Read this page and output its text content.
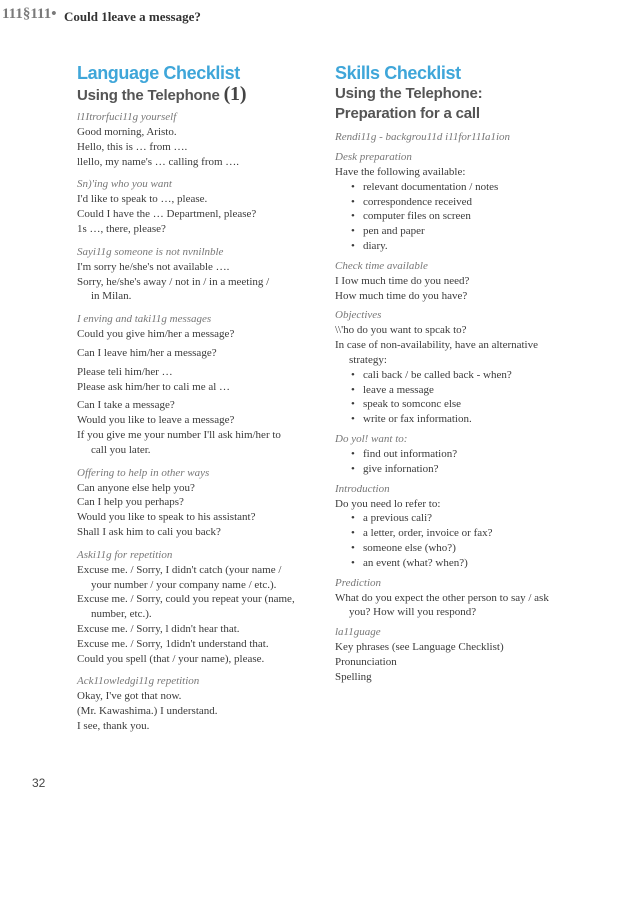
111§111• Could 1leave a message?
Language Checklist
Using the Telephone (1)
l1Itrorfuci11g yourself
Good morning, Aristo.
Hello, this is … from ….
llello, my name's … calling from ….
Sn)'ing who you want
I'd like to speak to …, please.
Could I have the … Departmenl, please?
1s …, there, please?
Sayi11g someone is not nvnilnble
I'm sorry he/she's not available ….
Sorry, he/she's away / not in / in a meeting /
in Milan.
I enving and taki11g messages
Could you give him/her a message?
Can I leave him/her a message?
Please teli him/her …
Please ask him/her to cali me al …
Can I take a message?
Would you like to leave a message?
If you give me your number I'll ask him/her to
call you later.
Offering to help in other ways
Can anyone else help you?
Can I help you perhaps?
Would you like to speak to his assistant?
Shall I ask him to cali you back?
Aski11g for repetition
Excuse me. / Sorry, I didn't catch (your name /
your number / your company name / etc.).
Excuse me. / Sorry, could you repeat your (name,
number, etc.).
Excuse me. / Sorry, l didn't hear that.
Excuse me. / Sorry, 1didn't understand that.
Could you spell (that / your name), please.
Ack11owledgi11g repetition
Okay, I've got that now.
(Mr. Kawashima.) I understand.
I see, thank you.
Skills Checklist
Using the Telephone:
Preparation for a call
Rendi11g - backgrou11d i11for11Ia1ion
Desk preparation
Have the following available:
• relevant documentation / notes
• correspondence received
• computer files on screen
• pen and paper
• diary.
Check time available
I Iow much time do you need?
How much time do you have?
Objectives
\\'ho do you want to spcak to?
In case of non-availability, have an alternative
strategy:
• cali back / be called back - when?
• leave a message
• speak to somconc else
• write or fax information.
Do yol! want to:
• find out information?
• give infornation?
Introduction
Do you need lo refer to:
• a previous cali?
• a letter, order, invoice or fax?
• someone else (who?)
• an event (what? when?)
Prediction
What do you expect the other person to say / ask
you? How will you respond?
la11guage
Key phrases (see Language Checklist)
Pronunciation
Spelling
32
